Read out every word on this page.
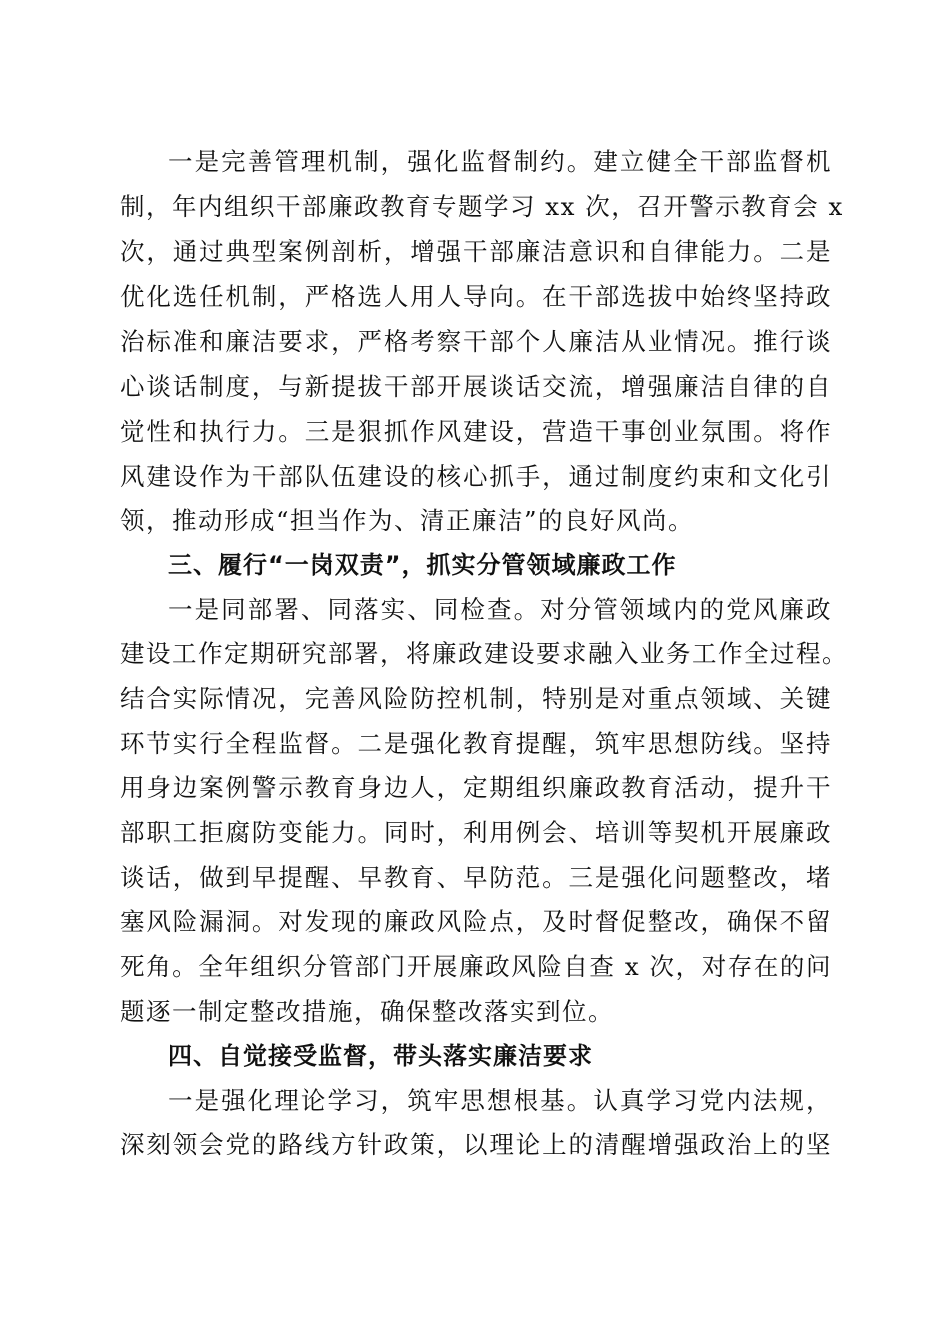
一是完善管理机制，强化监督制约。建立健全干部监督机
制，年内组织干部廉政教育专题学习 xx 次，召开警示教育会 x
次，通过典型案例剖析，增强干部廉洁意识和自律能力。二是
优化选任机制，严格选人用人导向。在干部选拔中始终坚持政
治标准和廉洁要求，严格考察干部个人廉洁从业情况。推行谈
心谈话制度，与新提拔干部开展谈话交流，增强廉洁自律的自
觉性和执行力。三是狠抓作风建设，营造干事创业氛围。将作
风建设作为干部队伍建设的核心抓手，通过制度约束和文化引
领，推动形成“担当作为、清正廉洁”的良好风尚。
三、履行“一岗双责”，抓实分管领域廉政工作
一是同部署、同落实、同检查。对分管领域内的党风廉政
建设工作定期研究部署，将廉政建设要求融入业务工作全过程。
结合实际情况，完善风险防控机制，特别是对重点领域、关键
环节实行全程监督。二是强化教育提醒，筑牢思想防线。坚持
用身边案例警示教育身边人，定期组织廉政教育活动，提升干
部职工拒腐防变能力。同时，利用例会、培训等契机开展廉政
谈话，做到早提醒、早教育、早防范。三是强化问题整改，堵
塞风险漏洞。对发现的廉政风险点，及时督促整改，确保不留
死角。全年组织分管部门开展廉政风险自查 x 次，对存在的问
题逐一制定整改措施，确保整改落实到位。
四、自觉接受监督，带头落实廉洁要求
一是强化理论学习，筑牢思想根基。认真学习党内法规，
深刻领会党的路线方针政策，以理论上的清醒增强政治上的坚
